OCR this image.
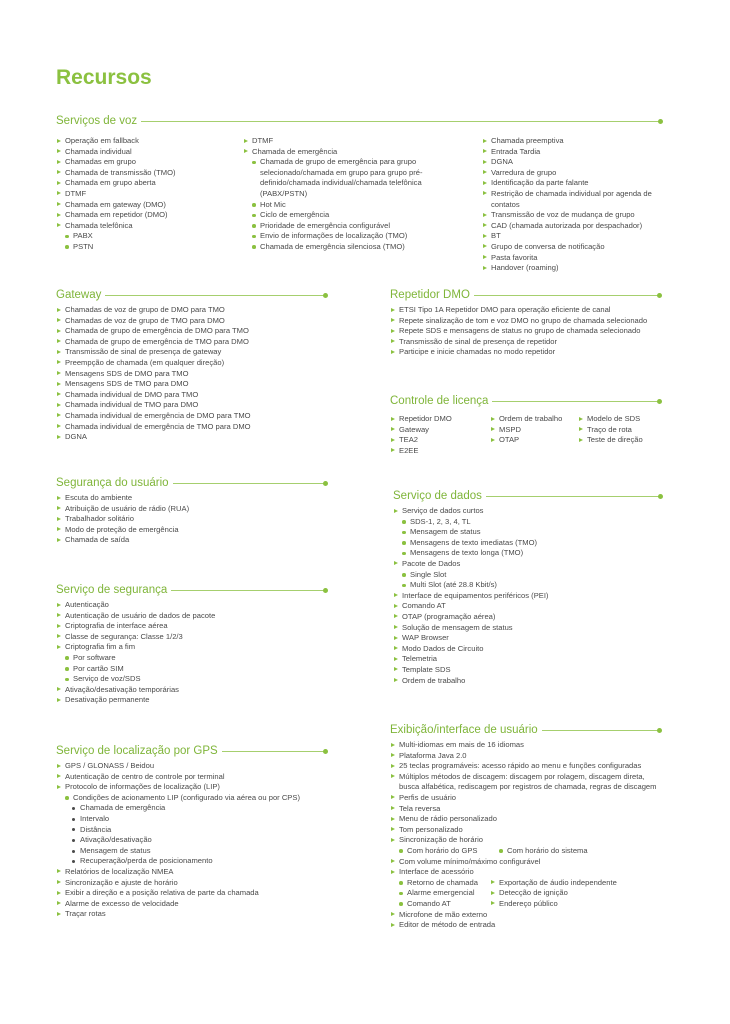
Recursos
Serviços de voz
Operação em fallback
Chamada individual
Chamadas em grupo
Chamada de transmissão (TMO)
Chamada em grupo aberta
DTMF
Chamada em gateway (DMO)
Chamada em repetidor (DMO)
Chamada telefônica
PABX
PSTN
DTMF
Chamada de emergência
Chamada de grupo de emergência para grupo selecionado/chamada em grupo para grupo pré-definido/chamada individual/chamada telefônica (PABX/PSTN)
Hot Mic
Ciclo de emergência
Prioridade de emergência configurável
Envio de informações de localização (TMO)
Chamada de emergência silenciosa (TMO)
Chamada preemptiva
Entrada Tardia
DGNA
Varredura de grupo
Identificação da parte falante
Restrição de chamada individual por agenda de contatos
Transmissão de voz de mudança de grupo
CAD (chamada autorizada por despachador)
BT
Grupo de conversa de notificação
Pasta favorita
Handover (roaming)
Gateway
Chamadas de voz de grupo de DMO para TMO
Chamadas de voz de grupo de TMO para DMO
Chamada de grupo de emergência de DMO para TMO
Chamada de grupo de emergência de TMO para DMO
Transmissão de sinal de presença de gateway
Preempção de chamada (em qualquer direção)
Mensagens SDS de DMO para TMO
Mensagens SDS de TMO para DMO
Chamada individual de DMO para TMO
Chamada individual de TMO para DMO
Chamada individual de emergência de DMO para TMO
Chamada individual de emergência de TMO para DMO
DGNA
Repetidor DMO
ETSI Tipo 1A Repetidor DMO para operação eficiente de canal
Repete sinalização de tom e voz DMO no grupo de chamada selecionado
Repete SDS e mensagens de status no grupo de chamada selecionado
Transmissão de sinal de presença de repetidor
Participe e inicie chamadas no modo repetidor
Controle de licença
Repetidor DMO
Gateway
TEA2
E2EE
Ordem de trabalho
MSPD
OTAP
Modelo de SDS
Traço de rota
Teste de direção
Segurança do usuário
Escuta do ambiente
Atribuição de usuário de rádio (RUA)
Trabalhador solitário
Modo de proteção de emergência
Chamada de saída
Serviço de dados
Serviço de dados curtos
SDS-1, 2, 3, 4, TL
Mensagem de status
Mensagens de texto imediatas (TMO)
Mensagens de texto longa (TMO)
Pacote de Dados
Single Slot
Multi Slot (até 28.8 Kbit/s)
Interface de equipamentos periféricos (PEI)
Comando AT
OTAP (programação aérea)
Solução de mensagem de status
WAP Browser
Modo Dados de Circuito
Telemetria
Template SDS
Ordem de trabalho
Serviço de segurança
Autenticação
Autenticação de usuário de dados de pacote
Criptografia de interface aérea
Classe de segurança: Classe 1/2/3
Criptografia fim a fim
Por software
Por cartão SIM
Serviço de voz/SDS
Ativação/desativação temporárias
Desativação permanente
Exibição/interface de usuário
Multi-idiomas em mais de 16 idiomas
Plataforma Java 2.0
25 teclas programáveis: acesso rápido ao menu e funções configuradas
Múltiplos métodos de discagem: discagem por rolagem, discagem direta, busca alfabética, rediscagem por registros de chamada, regras de discagem
Perfis de usuário
Tela reversa
Menu de rádio personalizado
Tom personalizado
Sincronização de horário
Com horário do GPS	Com horário do sistema
Com volume mínimo/máximo configurável
Interface de acessório
Retorno de chamada
Alarme emergencial
Comando AT
Exportação de áudio independente
Detecção de ignição
Endereço público
Microfone de mão externo
Editor de método de entrada
Serviço de localização por GPS
GPS / GLONASS / Beidou
Autenticação de centro de controle por terminal
Protocolo de informações de localização (LIP)
Condições de acionamento LIP (configurado via aérea ou por CPS)
Chamada de emergência
Intervalo
Distância
Ativação/desativação
Mensagem de status
Recuperação/perda de posicionamento
Relatórios de localização NMEA
Sincronização e ajuste de horário
Exibir a direção e a posição relativa de parte da chamada
Alarme de excesso de velocidade
Traçar rotas
